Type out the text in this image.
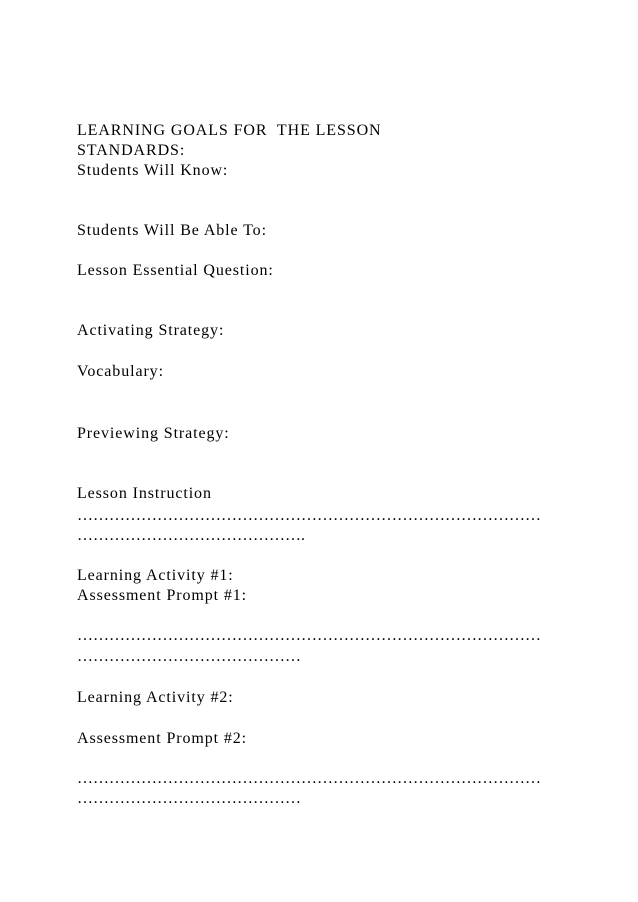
LEARNING GOALS FOR  THE LESSON
STANDARDS:
Students Will Know:
Students Will Be Able To:
Lesson Essential Question:
Activating Strategy:
Vocabulary:
Previewing Strategy:
Lesson Instruction
……………………………………………………………………………
…………………………………….
Learning Activity #1:
Assessment Prompt #1:
……………………………………………………………………………
……………………………………
Learning Activity #2:
Assessment Prompt #2:
……………………………………………………………………………
……………………………………
